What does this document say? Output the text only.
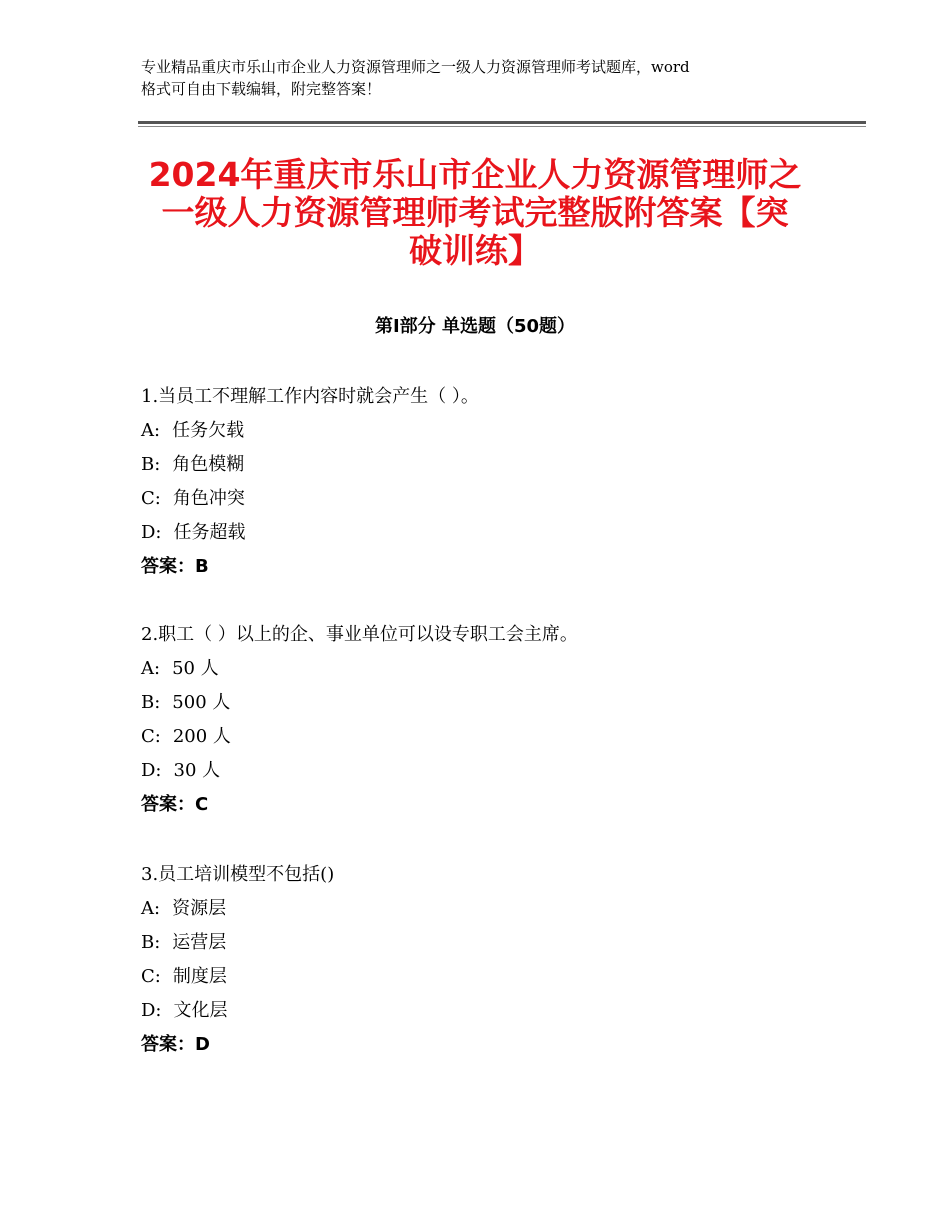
专业精品重庆市乐山市企业人力资源管理师之一级人力资源管理师考试题库，word
格式可自由下载编辑，附完整答案！
2024年重庆市乐山市企业人力资源管理师之
一级人力资源管理师考试完整版附答案【突
破训练】
第Ⅰ部分 单选题（50题）
1.当员工不理解工作内容时就会产生（ ）。
A: 任务欠载
B: 角色模糊
C: 角色冲突
D: 任务超载
答案：B
2.职工（ ）以上的企、事业单位可以设专职工会主席。
A: 50 人
B: 500 人
C: 200 人
D: 30 人
答案：C
3.员工培训模型不包括()
A: 资源层
B: 运营层
C: 制度层
D: 文化层
答案：D
